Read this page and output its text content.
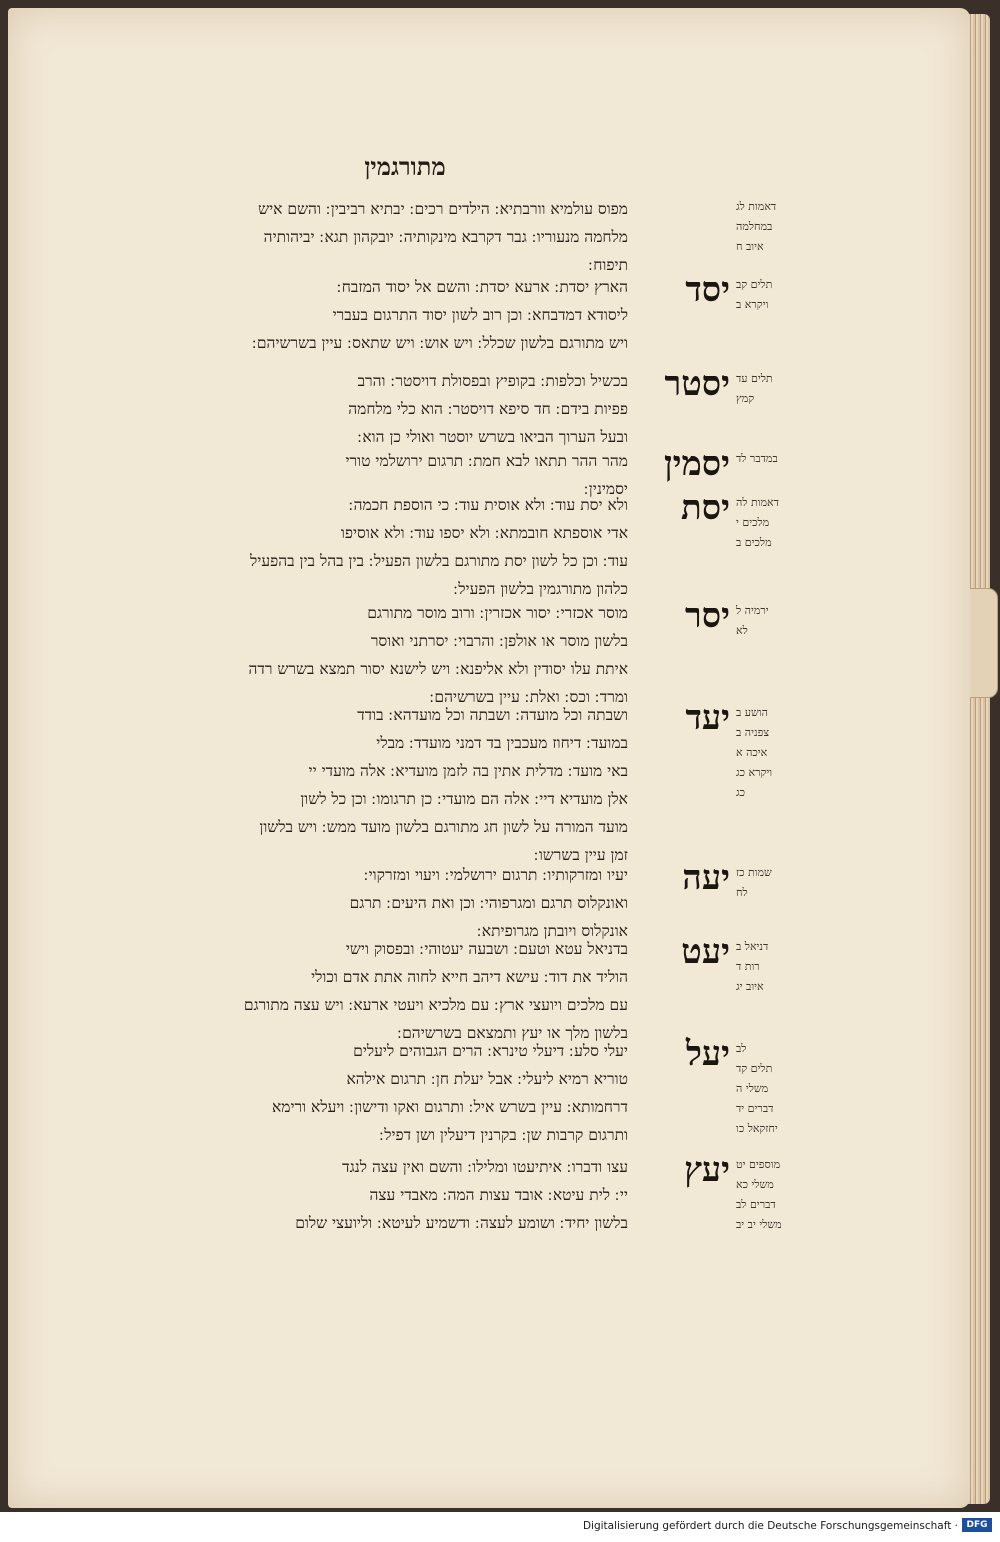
מתורגמין
מפוס עולמיא וורבתיא ׃ הילדים רכים ׃ יבתיא רביבין ׃ והשם איש
מלחמה מנעוריו ׃ גבר דקרבא מינקותיה ׃ יובקהון תגא ׃ יביהותיה
תיפוח ׃
דאמות לג
במחלמה
איוב ח
יסד
הארץ יסדת ׃ ארעא יסדת ׃ והשם אל יסוד המזבח ׃
ליסודא דמדבחא ׃ וכן רוב לשון יסוד התרגום בעברי
ויש מתורגם בלשון שכלל ׃ ויש אוש ׃ ויש שתאס ׃ עיין בשרשיהם ׃
תלים קב
ויקרא ב
יסטר
בכשיל וכלפות ׃ בקופיץ ובפסולת דויסטר ׃ והרב
פפיות בידם ׃ חד סיפא דויסטר ׃ הוא כלי מלחמה
ובעל הערוך הביאו בשרש יוסטר ואולי כן הוא ׃
תלים עד
קמץ
יסמין
מהר ההר תתאו לבא חמת ׃ תרגום ירושלמי טורי
יסמינין ׃
במדבר לד
יסת
ולא יסת עוד ׃ ולא אוסית עוד ׃ כי הוספת חכמה ׃
אדי אוספתא חובמתא ׃ ולא יספו עוד ׃ ולא אוסיפו
עוד ׃ וכן כל לשון יסת מתורגם בלשון הפעיל ׃ בין בהל בין בהפעיל
כלהון מתורגמין בלשון הפעיל ׃
דאמות לה
מלכים י
מלכים ב
יסר
מוסר אכזרי ׃ יסור אכזרין ׃ ורוב מוסר מתורגם
בלשון מוסר או אולפן ׃ והרבוי ׃ יסרתני ואוסר
איתת עלו יסודין ולא אליפנא ׃ ויש לישנא יסור תמצא בשרש רדה
ומרד ׃ וכס ׃ ואלת ׃ עיין בשרשיהם ׃
ירמיה ל
לא
יעד
ושבתה וכל מועדה ׃ ושבתה וכל מועדהא ׃ בודד
במועד ׃ דיחוז מעכבין בד דמני מועדד ׃ מבלי
באי מועד ׃ מדלית אתין בה לזמן מועדיא ׃ אלה מועדי יי
אלן מועדיא דיי ׃ אלה הם מועדי ׃ כן תרגומו ׃ וכן כל לשון
מועד המורה על לשון חג מתורגם בלשון מועד ממש ׃ ויש בלשון
זמן עיין בשרשו ׃
הושע ב
צפניה ב
איכה א
ויקרא כג
כג
יעה
יעיו ומזרקותיו ׃ תרגום ירושלמי ׃ ויעוי ומזרקוי ׃
ואונקלוס תרגם ומגרפוהי ׃ וכן ואת היעים ׃ תרגם
אונקלוס ויובתן מגרופיתא ׃
שמות כז
לח
יעט
בדניאל עטא וטעם ׃ ושבעה יעטוהי ׃ ובפסוק וישי
הוליד את דוד ׃ עישא דיהב חייא לחוה אתת אדם וכולי
עם מלכים ויועצי ארץ ׃ עם מלכיא ויעטי ארעא ׃ ויש עצה מתורגם
בלשון מלך או יעץ ותמצאם בשרשיהם ׃
דניאל ב
רות ד
איוב יג
יעל
יעלי סלע ׃ דיעלי טינרא ׃ הרים הגבוהים ליעלים
טוריא רמיא ליעלי ׃ אבל יעלת חן ׃ תרגום אילהא
דרחמותא ׃ עיין בשרש איל ׃ ותרגום ואקו ודישון ׃ ויעלא ורימא
ותרגום קרבות שן ׃ בקרנין דיעלין ושן דפיל ׃
לב
תלים קד
משלי ה
דברים יד
יחזקאל כו
יעץ
עצו ודברו ׃ איתיעטו ומלילו ׃ והשם ואין עצה לנגד
יי ׃ לית עיטא ׃ אובד עצות המה ׃ מאבדי עצה
בלשון יחיד ׃ ושומע לעצה ׃ ודשמיע לעיטא ׃ וליועצי שלום
מוספים יט
משלי כא
דברים לב
משלי יב יב
Digitalisierung gefördert durch die Deutsche Forschungsgemeinschaft · DFG
